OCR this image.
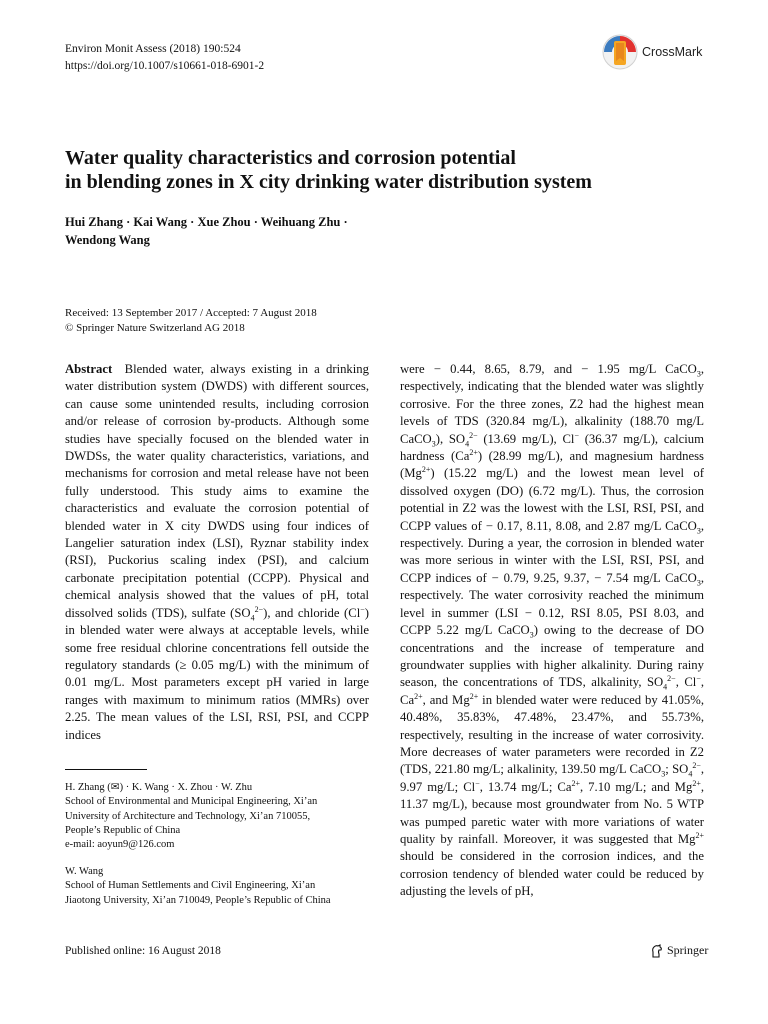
Environ Monit Assess (2018) 190:524
https://doi.org/10.1007/s10661-018-6901-2
CrossMark
Water quality characteristics and corrosion potential
in blending zones in X city drinking water distribution system
Hui Zhang · Kai Wang · Xue Zhou · Weihuang Zhu ·
Wendong Wang
Received: 13 September 2017 / Accepted: 7 August 2018
© Springer Nature Switzerland AG 2018
Abstract Blended water, always existing in a drinking water distribution system (DWDS) with different sources, can cause some unintended results, including corrosion and/or release of corrosion by-products. Although some studies have specially focused on the blended water in DWDSs, the water quality characteristics, variations, and mechanisms for corrosion and metal release have not been fully understood. This study aims to examine the characteristics and evaluate the corrosion potential of blended water in X city DWDS using four indices of Langelier saturation index (LSI), Ryznar stability index (RSI), Puckorius scaling index (PSI), and calcium carbonate precipitation potential (CCPP). Physical and chemical analysis showed that the values of pH, total dissolved solids (TDS), sulfate $(SO_4^{2-})$, and chloride (Cl−) in blended water were always at acceptable levels, while some free residual chlorine concentrations fell outside the regulatory standards (≥ 0.05 mg/L) with the minimum of 0.01 mg/L. Most parameters except pH varied in large ranges with maximum to minimum ratios (MMRs) over 2.25. The mean values of the LSI, RSI, PSI, and CCPP indices
were − 0.44, 8.65, 8.79, and − 1.95 mg/L CaCO$_3$, respectively, indicating that the blended water was slightly corrosive. For the three zones, Z2 had the highest mean levels of TDS (320.84 mg/L), alkalinity (188.70 mg/L CaCO$_3$), $SO_4^{2-}$ (13.69 mg/L), Cl− (36.37 mg/L), calcium hardness $(Ca^{2+})$ (28.99 mg/L), and magnesium hardness $(Mg^{2+})$ (15.22 mg/L) and the lowest mean level of dissolved oxygen (DO) (6.72 mg/L). Thus, the corrosion potential in Z2 was the lowest with the LSI, RSI, PSI, and CCPP values of − 0.17, 8.11, 8.08, and 2.87 mg/L CaCO$_3$, respectively. During a year, the corrosion in blended water was more serious in winter with the LSI, RSI, PSI, and CCPP indices of − 0.79, 9.25, 9.37, − 7.54 mg/L CaCO$_3$, respectively. The water corrosivity reached the minimum level in summer (LSI − 0.12, RSI 8.05, PSI 8.03, and CCPP 5.22 mg/L CaCO$_3$) owing to the decrease of DO concentrations and the increase of temperature and groundwater supplies with higher alkalinity. During rainy season, the concentrations of TDS, alkalinity, $SO_4^{2-}$, Cl−, $Ca^{2+}$, and $Mg^{2+}$ in blended water were reduced by 41.05%, 40.48%, 35.83%, 47.48%, 23.47%, and 55.73%, respectively, resulting in the increase of water corrosivity. More decreases of water parameters were recorded in Z2 (TDS, 221.80 mg/L; alkalinity, 139.50 mg/L CaCO$_3$; $SO_4^{2-}$, 9.97 mg/L; Cl−, 13.74 mg/L; $Ca^{2+}$, 7.10 mg/L; and $Mg^{2+}$, 11.37 mg/L), because most groundwater from No. 5 WTP was pumped paretic water with more variations of water quality by rainfall. Moreover, it was suggested that $Mg^{2+}$ should be considered in the corrosion indices, and the corrosion tendency of blended water could be reduced by adjusting the levels of pH,
H. Zhang (✉) · K. Wang · X. Zhou · W. Zhu
School of Environmental and Municipal Engineering, Xi’an
University of Architecture and Technology, Xi’an 710055,
People’s Republic of China
e-mail: aoyun9@126.com
W. Wang
School of Human Settlements and Civil Engineering, Xi’an
Jiaotong University, Xi’an 710049, People’s Republic of China
Published online: 16 August 2018	Springer
